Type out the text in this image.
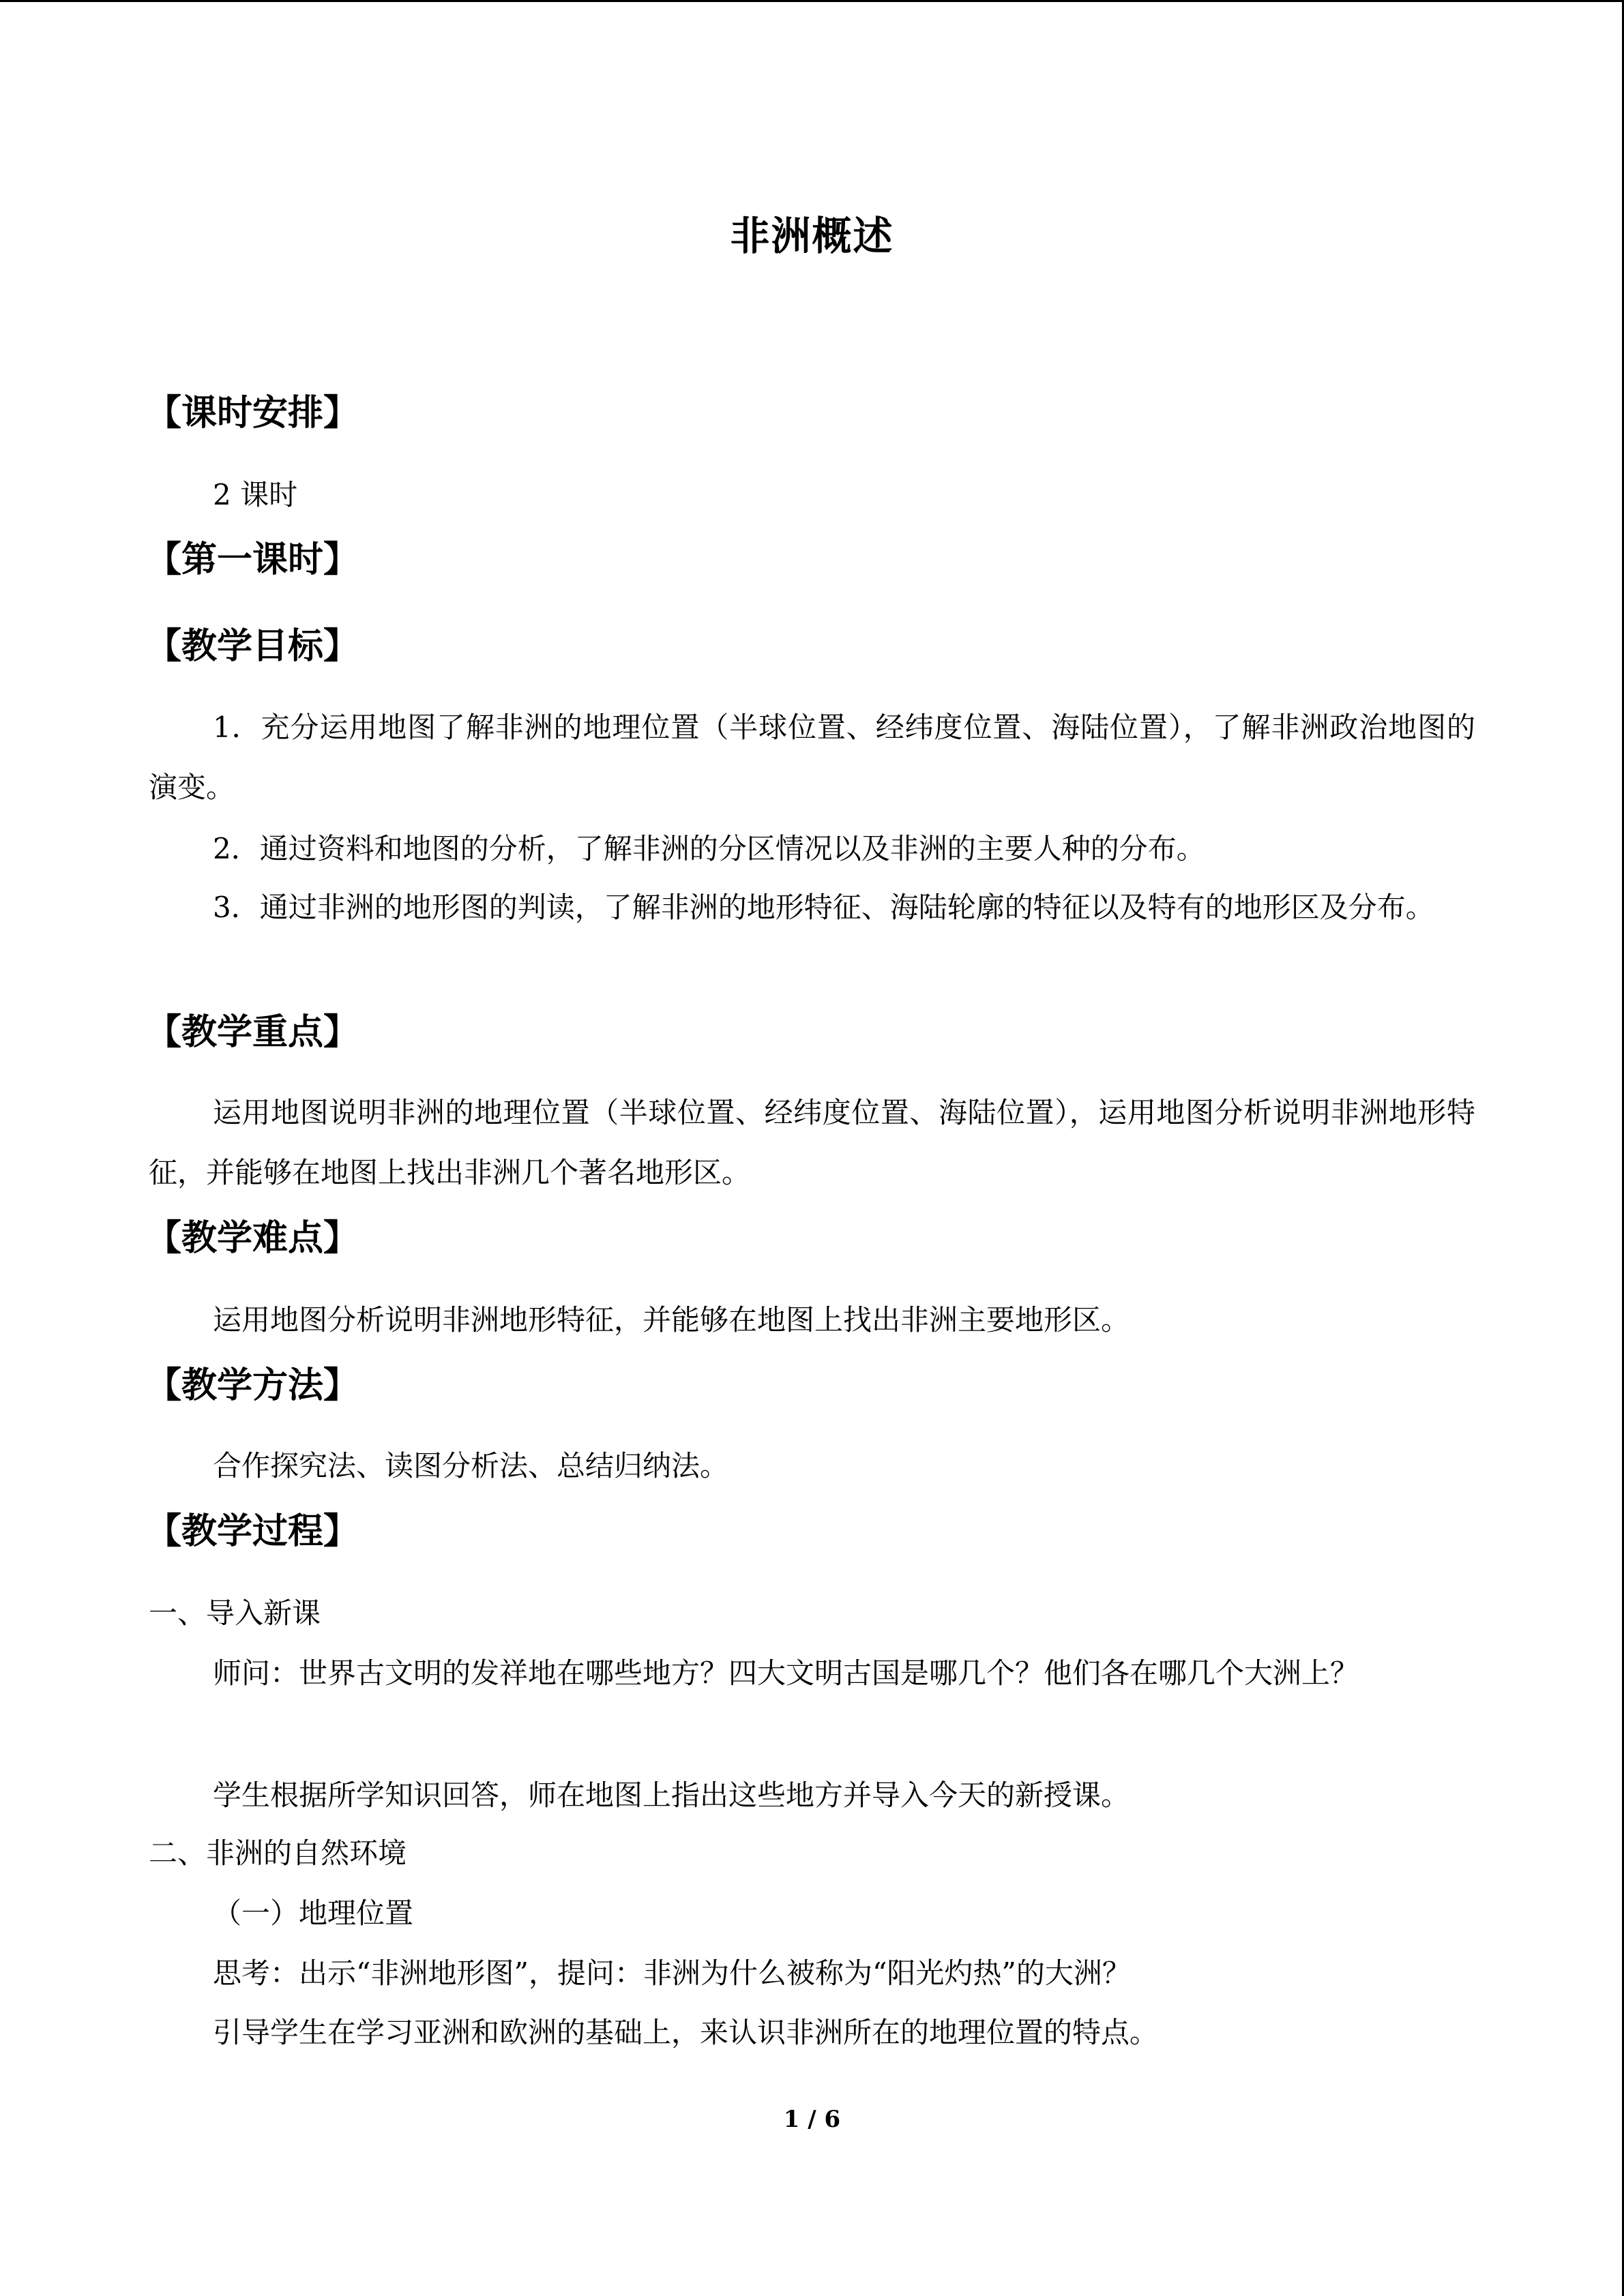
非洲概述
【课时安排】
2 课时
【第一课时】
【教学目标】

1．充分运用地图了解非洲的地理位置（半球位置、经纬度位置、海陆位置），了解非洲政治地图的演变。

2．通过资料和地图的分析，了解非洲的分区情况以及非洲的主要人种的分布。

3．通过非洲的地形图的判读，了解非洲的地形特征、海陆轮廓的特征以及特有的地形区及分布。

【教学重点】

运用地图说明非洲的地理位置（半球位置、经纬度位置、海陆位置），运用地图分析说明非洲地形特征，并能够在地图上找出非洲几个著名地形区。

【教学难点】

运用地图分析说明非洲地形特征，并能够在地图上找出非洲主要地形区。

【教学方法】

合作探究法、读图分析法、总结归纳法。

【教学过程】
一、导入新课

师问：世界古文明的发祥地在哪些地方？四大文明古国是哪几个？他们各在哪几个大洲上？

学生根据所学知识回答，师在地图上指出这些地方并导入今天的新授课。
二、非洲的自然环境
（一）地理位置
思考：出示“非洲地形图”，提问：非洲为什么被称为“阳光灼热”的大洲？
引导学生在学习亚洲和欧洲的基础上，来认识非洲所在的地理位置的特点。
1 / 6
